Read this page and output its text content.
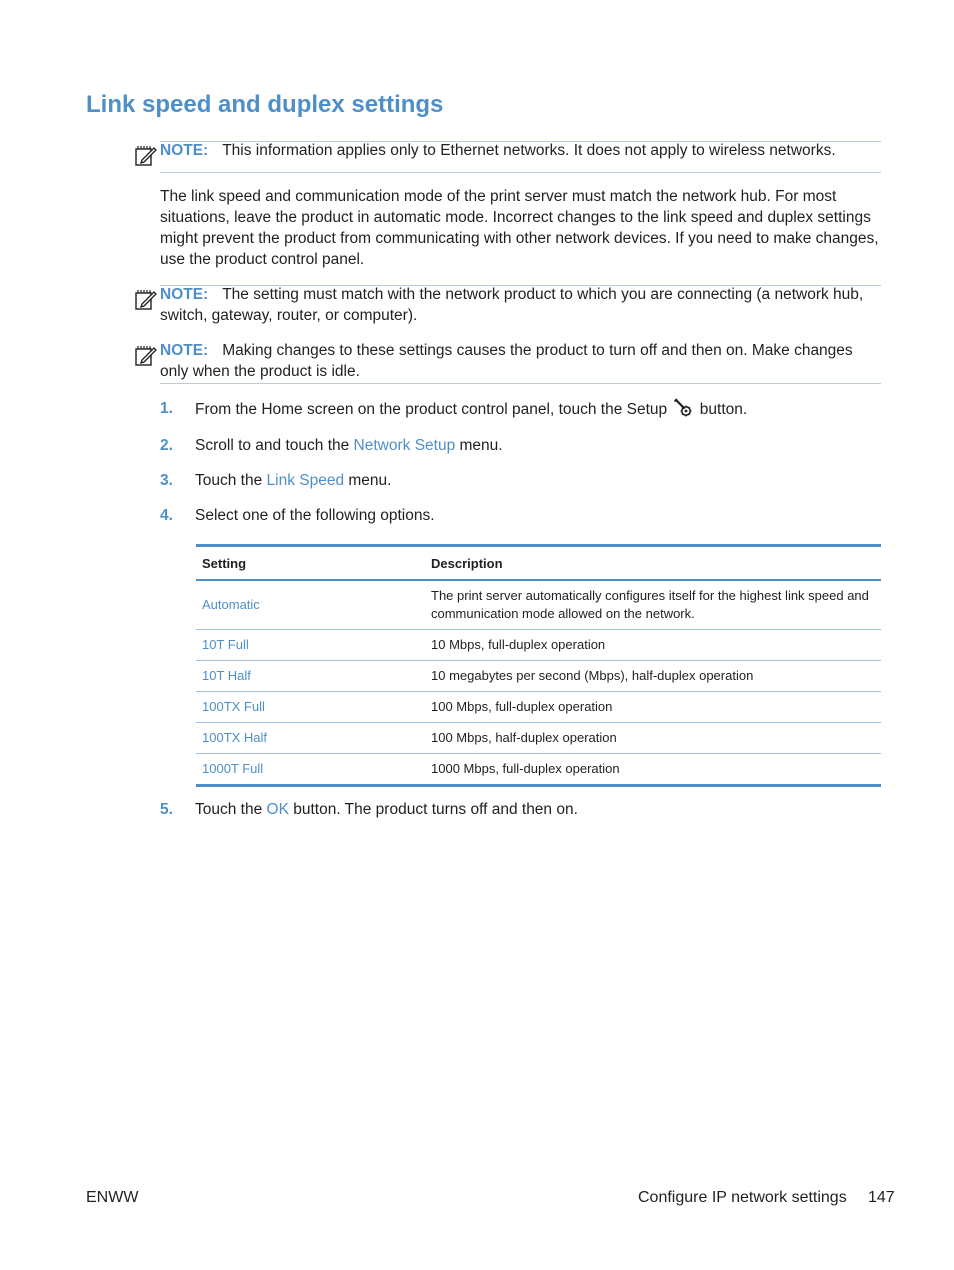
Link speed and duplex settings
NOTE: This information applies only to Ethernet networks. It does not apply to wireless networks.

The link speed and communication mode of the print server must match the network hub. For most situations, leave the product in automatic mode. Incorrect changes to the link speed and duplex settings might prevent the product from communicating with other network devices. If you need to make changes, use the product control panel.

NOTE: The setting must match with the network product to which you are connecting (a network hub, switch, gateway, router, or computer).
NOTE: Making changes to these settings causes the product to turn off and then on. Make changes only when the product is idle.
1. From the Home screen on the product control panel, touch the Setup button.
2. Scroll to and touch the Network Setup menu.
3. Touch the Link Speed menu.
4. Select one of the following options.
Setting	Description
Automatic	The print server automatically configures itself for the highest link speed and communication mode allowed on the network.
10T Full	10 Mbps, full-duplex operation
10T Half	10 megabytes per second (Mbps), half-duplex operation
100TX Full	100 Mbps, full-duplex operation
100TX Half	100 Mbps, half-duplex operation
1000T Full	1000 Mbps, full-duplex operation
5. Touch the OK button. The product turns off and then on.
ENWW	Configure IP network settings 147
